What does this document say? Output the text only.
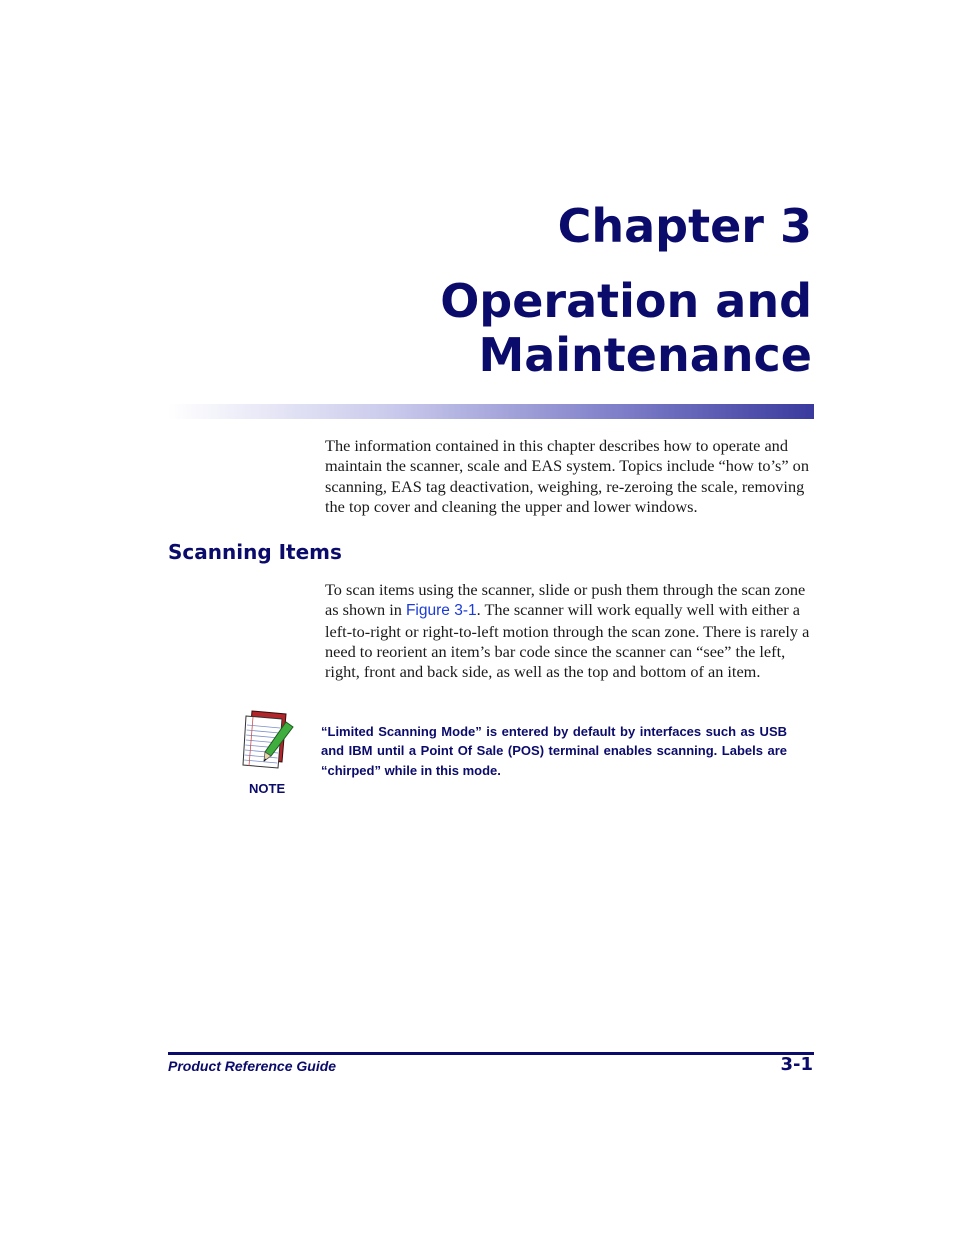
Chapter 3
Operation and
Maintenance

The information contained in this chapter describes how to operate and maintain the scanner, scale and EAS system. Topics include “how to’s” on scanning, EAS tag deactivation, weighing, re-zeroing the scale, removing the top cover and cleaning the upper and lower windows.

Scanning Items

To scan items using the scanner, slide or push them through the scan zone as shown in Figure 3-1. The scanner will work equally well with either a left-to-right or right-to-left motion through the scan zone. There is rarely a need to reorient an item’s bar code since the scanner can “see” the left, right, front and back side, as well as the top and bottom of an item.

NOTE

“Limited Scanning Mode” is entered by default by interfaces such as USB and IBM until a Point Of Sale (POS) terminal enables scanning. Labels are “chirped” while in this mode.

Product Reference Guide	3-1
